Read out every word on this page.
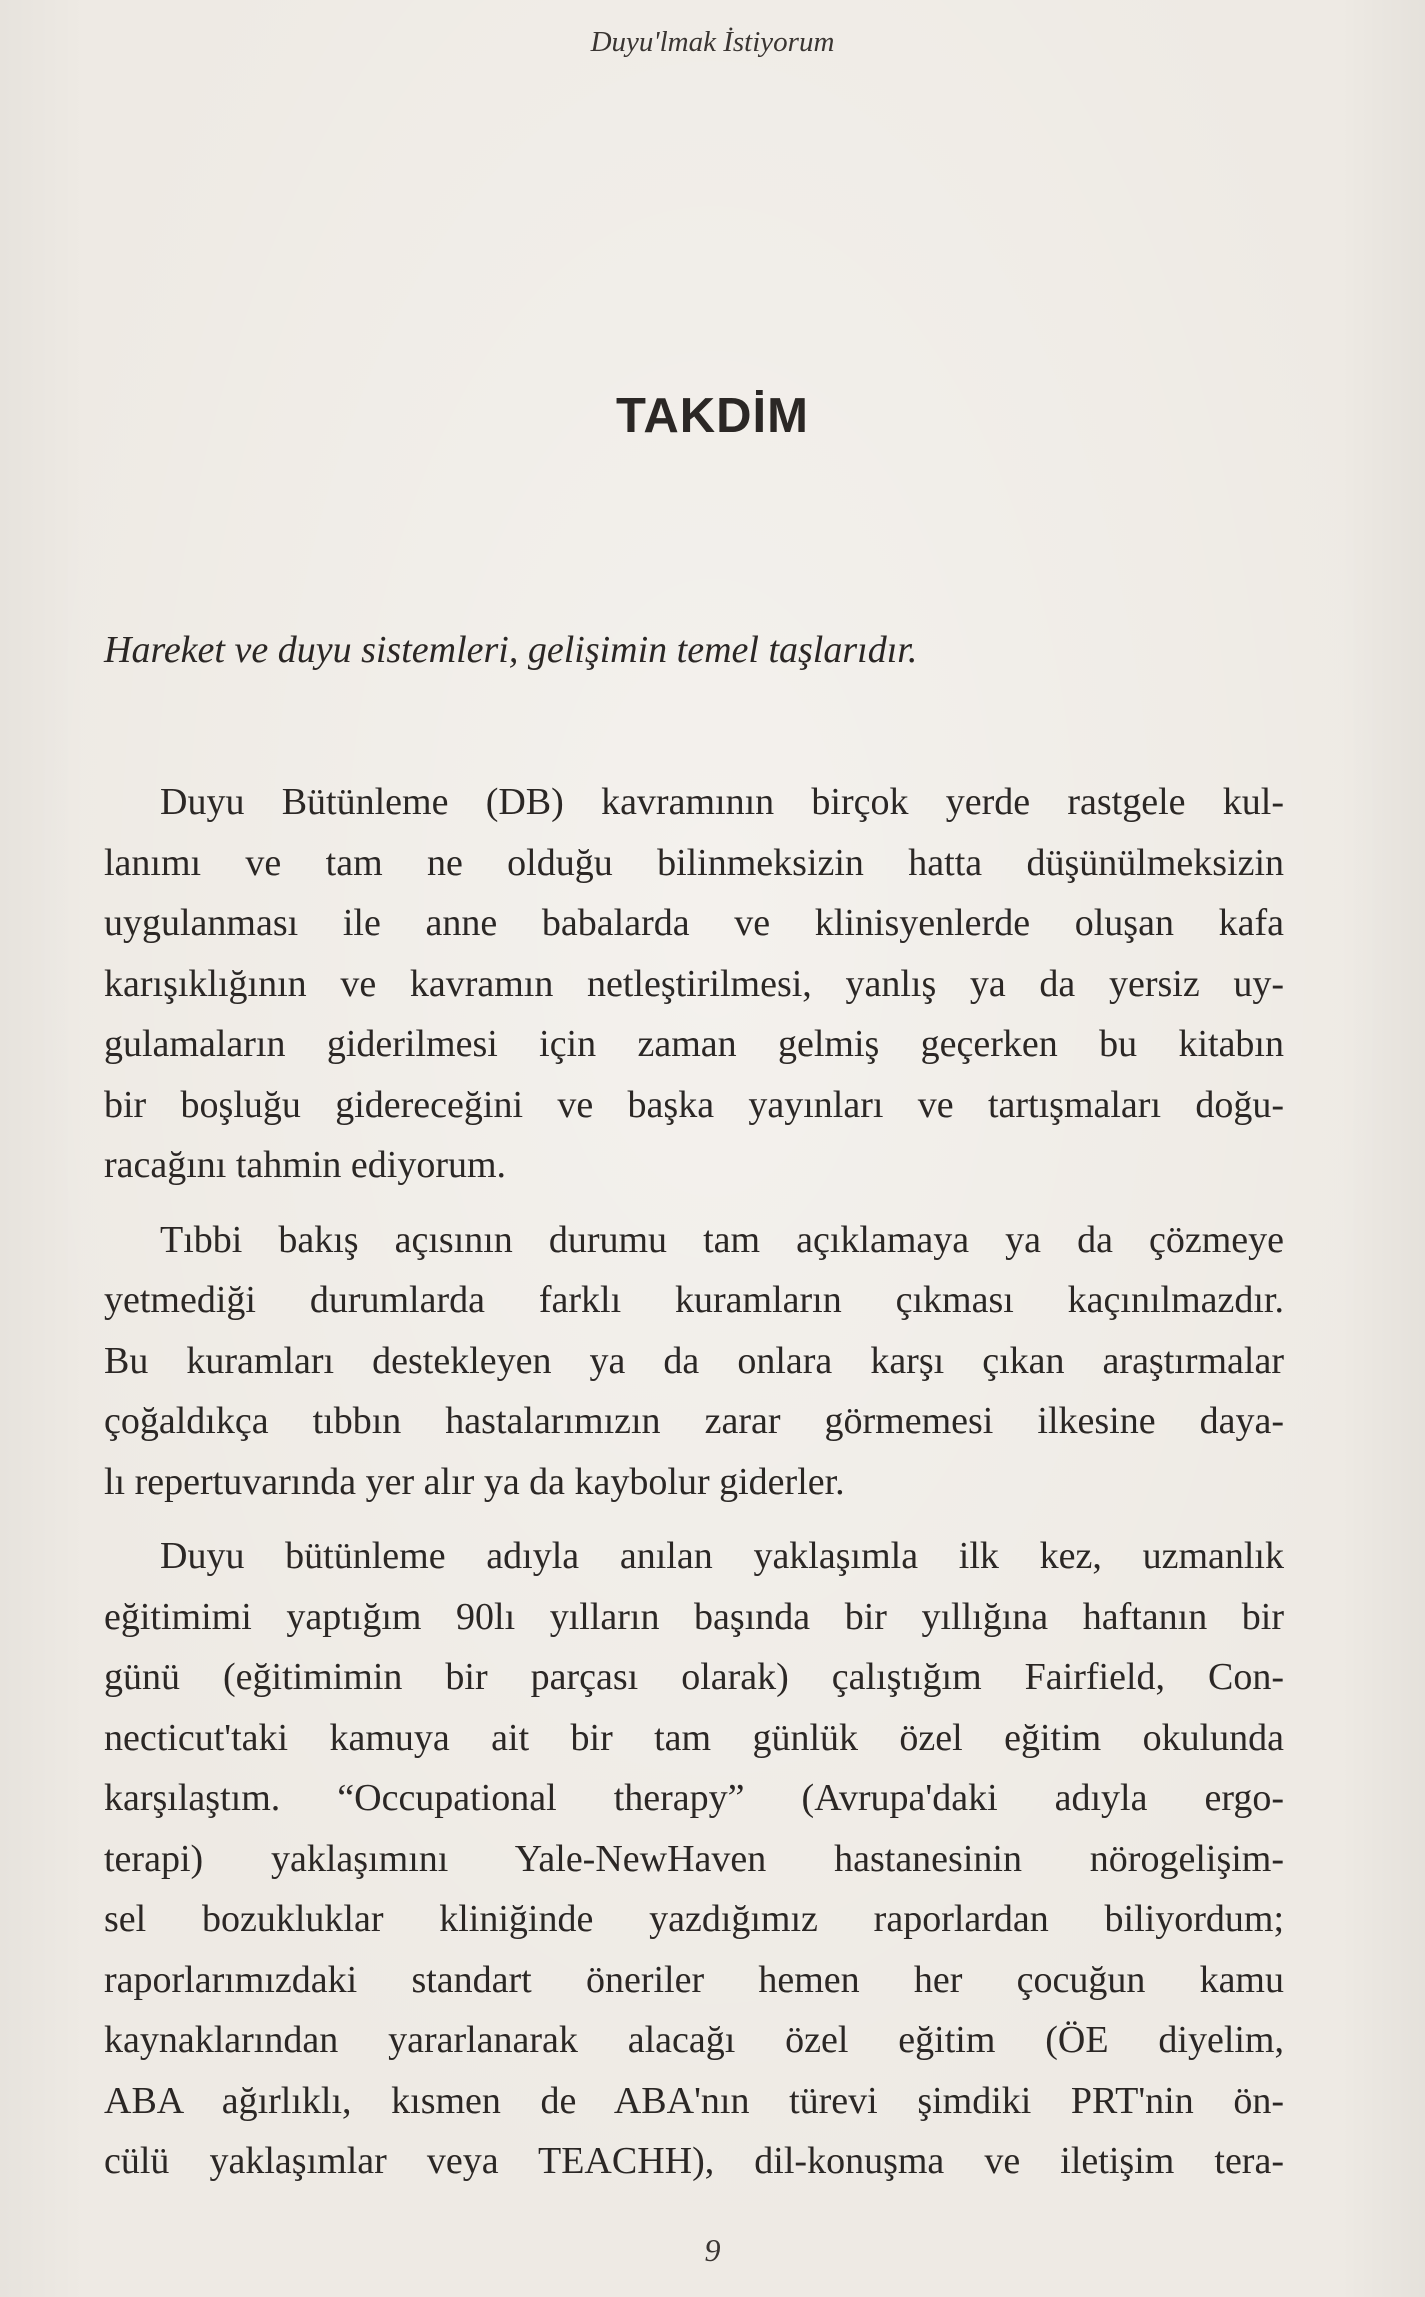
Duyu'lmak İstiyorum
TAKDİM
Hareket ve duyu sistemleri, gelişimin temel taşlarıdır.

Duyu Bütünleme (DB) kavramının birçok yerde rastgele kul-
lanımı ve tam ne olduğu bilinmeksizin hatta düşünülmeksizin
uygulanması ile anne babalarda ve klinisyenlerde oluşan kafa
karışıklığının ve kavramın netleştirilmesi, yanlış ya da yersiz uy-
gulamaların giderilmesi için zaman gelmiş geçerken bu kitabın
bir boşluğu gidereceğini ve başka yayınları ve tartışmaları doğu-
racağını tahmin ediyorum.

Tıbbi bakış açısının durumu tam açıklamaya ya da çözmeye
yetmediği durumlarda farklı kuramların çıkması kaçınılmazdır.
Bu kuramları destekleyen ya da onlara karşı çıkan araştırmalar
çoğaldıkça tıbbın hastalarımızın zarar görmemesi ilkesine daya-
lı repertuvarında yer alır ya da kaybolur giderler.

Duyu bütünleme adıyla anılan yaklaşımla ilk kez, uzmanlık
eğitimimi yaptığım 90lı yılların başında bir yıllığına haftanın bir
günü (eğitimimin bir parçası olarak) çalıştığım Fairfield, Con-
necticut'taki kamuya ait bir tam günlük özel eğitim okulunda
karşılaştım. “Occupational therapy” (Avrupa'daki adıyla ergo-
terapi) yaklaşımını Yale-NewHaven hastanesinin nörogelişim-
sel bozukluklar kliniğinde yazdığımız raporlardan biliyordum;
raporlarımızdaki standart öneriler hemen her çocuğun kamu
kaynaklarından yararlanarak alacağı özel eğitim (ÖE diyelim,
ABA ağırlıklı, kısmen de ABA'nın türevi şimdiki PRT'nin ön-
cülü yaklaşımlar veya TEACHH), dil-konuşma ve iletişim tera-

9
